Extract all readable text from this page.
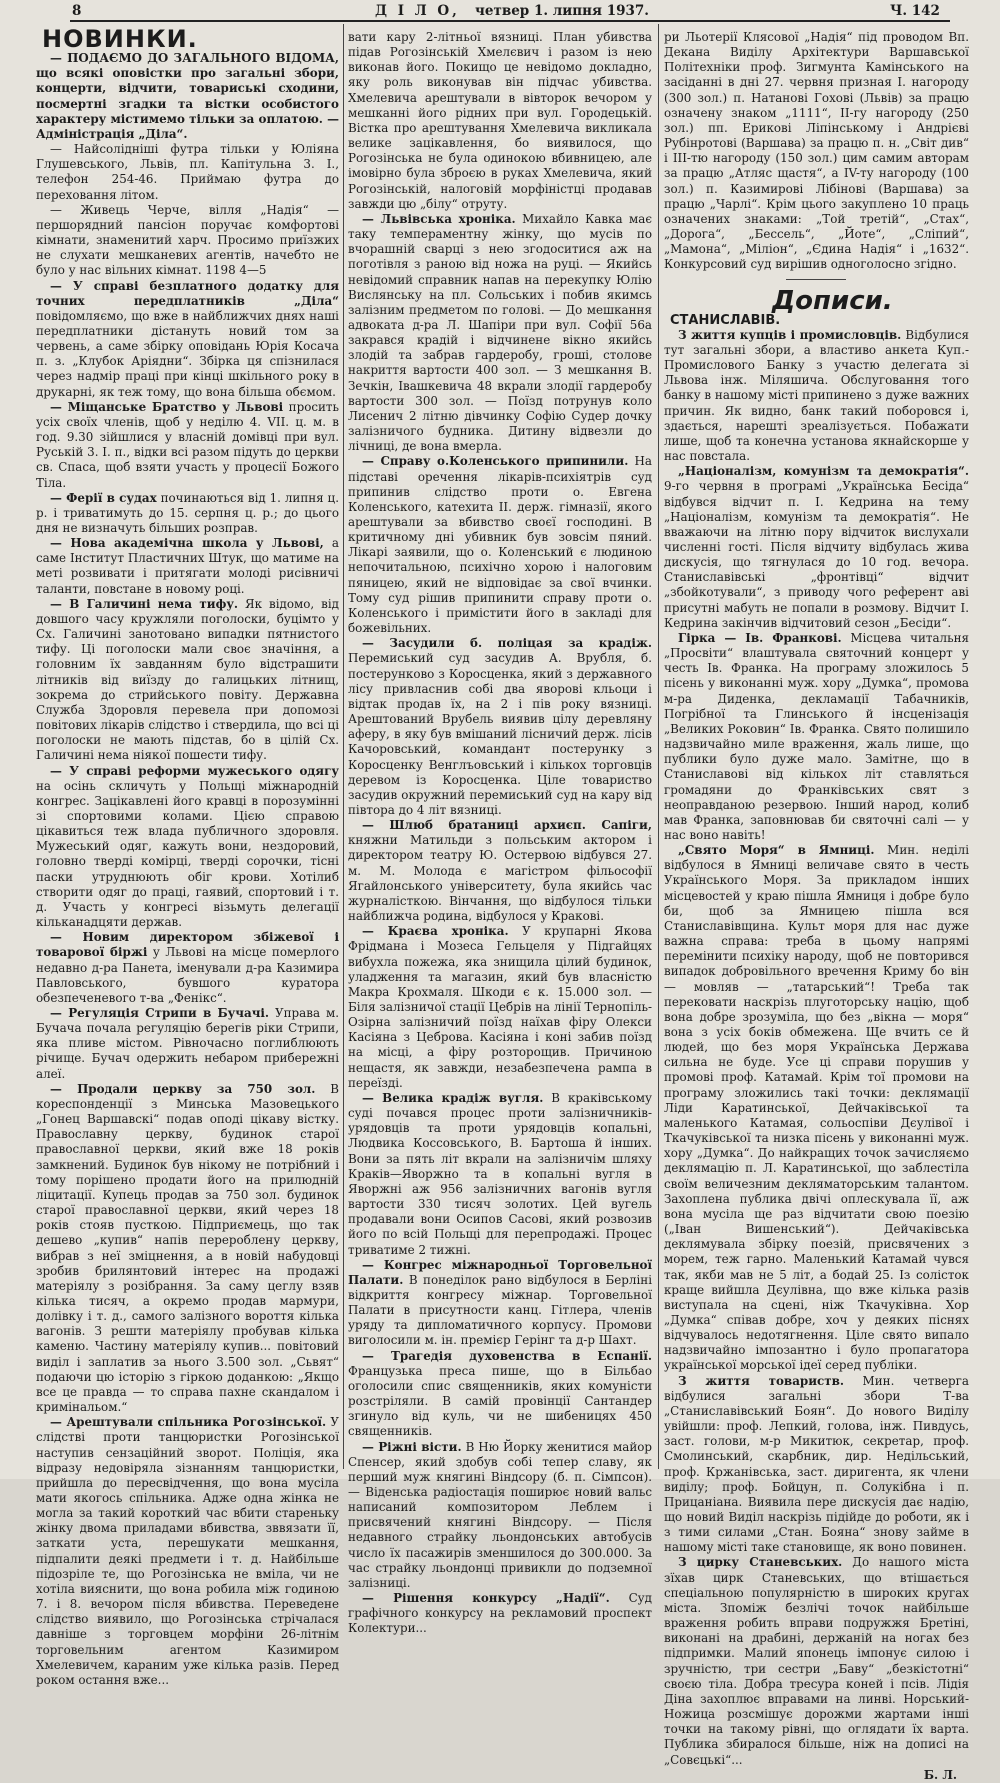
8	Д І Л О, четвер 1. липня 1937.	Ч. 142
НОВИНКИ.

— ПОДАЄМО ДО ЗАГАЛЬНОГО ВІДОМА, що всякі оповістки про загальні збори, концерти, відчити, товариські сходини, посмертні згадки та вістки особистого характеру містимемо тільки за оплатою. — Адміністрація „Діла“.

— Найсолідніші футра тільки у Юліяна Глушевського, Львів, пл. Капітульна 3. І., телефон 254-46. Приймаю футра до переховання літом.

— Живець Черче, вілля „Надія“ — першорядний пансіон поручає комфортові кімнати, знаменитий харч. Просимо приїзжих не слухати мешканевих агентів, начебто не було у нас вільних кімнат. 1198 4—5

— У справі безплатного додатку для точних передплатників „Діла“ повідомляємо, що вже в найближчих днях наші передплатники дістануть новий том за червень, а саме збірку оповідань Юрія Косача п. з. „Клубок Аріядни“. Збірка ця спізнилася через надмір праці при кінці шкільного року в друкарні, як теж тому, що вона більша обємом.

— Міщанське Братство у Львові просить усіх своїх членів, щоб у неділю 4. VII. ц. м. в год. 9.30 зійшлися у власній домівці при вул. Руській 3. І. п., відки всі разом підуть до церкви св. Спаса, щоб взяти участь у процесії Божого Тіла.

— Ферії в судах починаються від 1. липня ц. р. і триватимуть до 15. серпня ц. р.; до цього дня не визначуть більших розправ.

— Нова академічна школа у Львові, а саме Інститут Пластичних Штук, що матиме на меті розвивати і притягати молоді рисівничі таланти, повстане в новому році.

— В Галичині нема тифу. Як відомо, від довшого часу кружляли поголоски, буцімто у Сх. Галичині занотовано випадки пятнистого тифу. Ці поголоски мали своє значіння, а головним їх завданням було відстрашити літників від виїзду до галицьких літнищ, зокрема до стрийського повіту. Державна Служба Здоровля перевела при допомозі повітових лікарів слідство і ствердила, що всі ці поголоски не мають підстав, бо в цілій Сх. Галичині нема ніякої пошести тифу.

— У справі реформи мужеського одягу на осінь скличуть у Польщі міжнародній конгрес. Зацікавлені його кравці в порозумінні зі спортовими колами. Цією справою цікавиться теж влада публичного здоровля. Мужеський одяг, кажуть вони, нездоровий, головно тверді комірці, тверді сорочки, тісні паски утруднюють обіг крови. Хотілиб створити одяг до праці, гаявий, спортовий і т. д. Участь у конгресі візьмуть делегації кільканадцяти держав.

— Новим директором збіжевої і товарової біржі у Львові на місце померлого недавно д-ра Панета, іменували д-ра Казимира Павловського, бувшого куратора обезпеченевого т-ва „Фенікс“.

— Регуляція Стрипи в Бучачі. Управа м. Бучача почала регуляцію берегів ріки Стрипи, яка пливе містом. Рівночасно поглиблюють річище. Бучач одержить небаром прибережні алеї.

— Продали церкву за 750 зол. В кореспонденції з Минська Мазовецького „Гонец Варшавскі“ подав оподі цікаву вістку. Православну церкву, будинок старої православної церкви, який вже 18 років замкнений. Будинок був нікому не потрібний і тому порішено продати його на прилюдній ліцитації. Купець продав за 750 зол. будинок старої православної церкви, який через 18 років стояв пусткою. Підприємець, що так дешево „купив“ напів перероблену церкву, вибрав з неї зміцнення, а в новій набудовці зробив брилянтовий інтерес на продажі матеріялу з розібрання. За саму цеглу взяв кілька тисяч, а окремо продав мармури, долівку і т. д., самого залізного вороття кілька вагонів. З решти матеріялу пробував кілька каменю. Частину матеріялу купив... повітовий виділ і заплатив за нього 3.500 зол. „Сьвят“ подаючи цю історію з гіркою доданкою: „Якщо все це правда — то справа пахне скандалом і кримінальом.“

— Арештували спільника Рогозінської. У слідстві проти танцюристки Рогозінської наступив сензаційний зворот. Поліція, яка відразу недовіряла зізнанням танцюристки, прийшла до пересвідчення, що вона мусіла мати якогось спільника. Адже одна жінка не могла за такий короткий час вбити стареньку жінку двома приладами вбивства, зввязати її, заткати уста, перешукати мешкання, підпалити деякі предмети і т. д. Найбільше підозріле те, що Рогозінська не вміла, чи не хотіла вияснити, що вона робила між годиною 7. і 8. вечором після вбивства. Переведене слідство виявило, що Рогозінська стрічалася давніше з торговцем морфіни 26-літнім торговельним агентом Казимиром Хмелевичем, караним уже кілька разів. Перед роком остання вже...

вати кару 2-літньої вязниці. План убивства підав Рогозінській Хмелєвич і разом із нею виконав його. Покищо це невідомо докладно, яку роль виконував він підчас убивства. Хмелевича арештували в вівторок вечором у мешканні його рідних при вул. Городецькій. Вістка про арештування Хмелевича викликала велике зацікавлення, бо виявилося, що Рогозінська не була одинокою вбивницею, але імовірно була зброєю в руках Хмелевича, який Рогозінській, налоговій морфіністці продавав завжди цю „білу“ отруту.

— Львівська хроніка. Михайло Кавка має таку темпераментну жінку, що мусів по вчорашній сварці з нею згодоситися аж на поготівля з раною від ножа на руці. — Якийсь невідомий справник напав на перекупку Юлію Вислянську на пл. Сольських і побив якимсь залізним предметом по голові. — До мешкання адвоката д-ра Л. Шапіри при вул. Софії 56а закрався крадій і відчинене вікно якийсь злодій та забрав гардеробу, гроші, столове накриття вартости 400 зол. — З мешкання В. Зечкін, Івашкевича 48 вкрали злодії гардеробу вартости 300 зол. — Поїзд потрунув коло Лисенич 2 літню дівчинку Софію Судер дочку залізничого будника. Дитину відвезли до лічниці, де вона вмерла.

— Справу о.Коленського припинили. На підставі оречення лікарів-психіятрів суд припинив слідство проти о. Евгена Коленського, катехита ІІ. держ. гімназії, якого арештували за вбивство своєї господині. В критичному дні убивник був зовсім пяний. Лікарі заявили, що о. Коленський є людиною непочитальною, психічно хорою і налоговим пяницею, який не відповідає за свої вчинки. Тому суд рішив припинити справу проти о. Коленського і примістити його в закладі для божевільних.

— Засудили б. поліцая за крадіж. Перемиський суд засудив А. Врубля, б. постерунково з Коросценка, який з державного лісу привласнив собі два яворові кльоци і відтак продав їх, на 2 і пів року вязниці. Арештований Врубель виявив цілу деревляну аферу, в яку був вмішаний лісничий держ. лісів Качоровський, командант постерунку з Коросценку Венглъовський і кількох торговців деревом із Коросценка. Ціле товариство засудив окружний перемиський суд на кару від півтора до 4 літ вязниці.

— Шлюб братаниці архиєп. Сапіги, княжни Матильди з польським актором і директором театру Ю. Остервою відбувся 27. м. М. Молода є магістром фільософії Ягайлонського університету, була якийсь час журналісткою. Вінчання, що відбулося тільки найближча родина, відбулося у Кракові.

— Краєва хроніка. У крупарні Якова Фрідмана і Мозеса Гельцеля у Підгайцях вибухла пожежа, яка знищила цілий будинок, уладження та магазин, який був власністю Макра Крохмаля. Шкоди є к. 15.000 зол. — Біля залізничої стації Цебрів на лінії Тернопіль-Озірна залізничий поїзд наїхав фіру Олекси Касіяна з Цеброва. Касіяна і коні забив поїзд на місці, а фіру розторощив. Причиною нещастя, як завжди, незабезпечена рампа в переїзді.

— Велика крадіж вугля. В краківському суді почався процес проти залізничників-урядовців та проти урядовців копальні, Людвика Коссовського, В. Бартоша й інших. Вони за пять літ вкрали на залізничім шляху Краків—Яворжно та в копальні вугля в Яворжні аж 956 залізничних вагонів вугля вартости 330 тисяч золотих. Цей вугель продавали вони Осипов Сасові, який розвозив його по всій Польщі для перепродажі. Процес триватиме 2 тижні.

— Конгрес міжнародньої Торговельної Палати. В понеділок рано відбулося в Берліні відкриття конгресу міжнар. Торговельної Палати в присутности канц. Гітлера, членів уряду та дипломатичного корпусу. Промови виголосили м. ін. премієр Герінг та д-р Шахт.

— Трагедія духовенства в Еспанії. Французька преса пише, що в Більбао оголосили спис священників, яких комуністи розстріляли. В самій провінції Сантандер згинуло від куль, чи не шибеницях 450 священників.

— Ріжні вісти. В Ню Йорку женитися майор Спенсер, який здобув собі тепер славу, як перший муж княгині Віндсору (б. п. Сімпсон). — Віденська радіостація поширює новий вальс написаний композитором Леблем і присвячений княгині Віндсору. — Після недавного страйку льондонських автобусів число їх пасажирів зменшилося до 300.000. За час страйку льондонці привикли до подземної залізниці.

— Рішення конкурсу „Надії“. Суд графічного конкурсу на рекламовий проспект Колектури...

ри Льотерії Клясової „Надія“ під проводом Вп. Декана Виділу Архітектури Варшавської Політехніки проф. Зигмунта Камінського на засіданні в дні 27. червня призная І. нагороду (300 зол.) п. Натанові Гохові (Львів) за працю означену знаком „1111“, ІІ-гу нагороду (250 зол.) пп. Ерикові Ліпінському і Андрієві Рубінротові (Варшава) за працю п. н. „Світ див“ і ІІІ-тю нагороду (150 зол.) цим самим авторам за працю „Атляс щастя“, а IV-ту нагороду (100 зол.) п. Казимирові Лібінові (Варшава) за працю „Чарлі“. Крім цього закуплено 10 праць означених знаками: „Той третій“, „Стах“, „Дорога“, „Бессель“, „Йоте“, „Сліпий“, „Мамона“, „Міліон“, „Єдина Надія“ і „1632“. Конкурсовий суд вирішив одноголосно згідно.

Дописи.СТАНИСЛАВІВ.

З життя купців і промисловців. Відбулися тут загальні збори, а властиво анкета Куп.-Промислового Банку з участю делегата зі Львова інж. Міляшича. Обслуговання того банку в нашому місті припинено з дуже важних причин. Як видно, банк такий поборовся і, здається, нарешті зреалізується. Побажати лише, щоб та конечна установа якнайскорше у нас повстала.

„Націоналізм, комунізм та демократія“. 9-го червня в програмі „Українська Бесіда“ відбувся відчит п. І. Кедрина на тему „Націоналізм, комунізм та демократія“. Не вважаючи на літню пору відчиток вислухали численні гості. Після відчиту відбулась жива дискусія, що тягнулася до 10 год. вечора. Станиславівські „фронтівці“ відчит „збойкотували“, з приводу чого референт аві присутні мабуть не попали в розмову. Відчит І. Кедрина закінчив відчитовий сезон „Бесіди“.

Гірка — Ів. Франкові. Місцева читальня „Просвіти“ влаштувала святочний концерт у честь Ів. Франка. На програму зложилось 5 пісень у виконанні муж. хору „Думка“, промова м-ра Диденка, декламації Табачників, Погрібної та Глинського й інсценізація „Великих Роковин“ Ів. Франка. Свято полишило надзвичайно миле враження, жаль лише, що публики було дуже мало. Замітне, що в Станиславові від кількох літ ставляться громадяни до Франківських свят з неоправданою резервою. Інший народ, колиб мав Франка, заповнював би святочні салі — у нас воно навіть!

„Свято Моря“ в Ямниці. Мин. неділі відбулося в Ямниці величаве свято в честь Українського Моря. За прикладом інших місцевостей у краю пішла Ямниця і добре було би, щоб за Ямницею пішла вся Станиславівщина. Культ моря для нас дуже важна справа: треба в цьому напрямі перемінити психіку народу, щоб не повторився випадок добровільного вречення Криму бо він — мовляв — „татарський“! Треба так перековати наскрізь плуготорську націю, щоб вона добре зрозуміла, що без „вікна — моря“ вона з усіх боків обмежена. Ще вчить се й людей, що без моря Українська Держава сильна не буде. Усе ці справи порушив у промові проф. Катамай. Крім тої промови на програму зложились такі точки: деклямації Ліди Каратинської, Дейчаківської та маленького Катамая, сольоспіви Дєулівої і Ткачуківської та низка пісень у виконанні муж. хору „Думка“. До найкращих точок зачисляємо деклямацію п. Л. Каратинської, що заблестіла своїм величезним декляматорським талантом. Захоплена публика двічі оплескувала її, аж вона мусіла ще раз відчитати свою поезію („Іван Вишенський“). Дейчаківська деклямувала збірку поезій, присвячених з морем, теж гарно. Маленький Катамай чувся так, якби мав не 5 літ, а бодай 25. Із солісток краще вийшла Дєулівна, що вже кілька разів виступала на сцені, ніж Ткачуківна. Хор „Думка“ співав добре, хоч у деяких піснях відчувалось недотягнення. Ціле свято випало надзвичайно імпозантно і було пропагатора української морської ідеї серед публіки.

З життя товариств. Мин. четверга відбулися загальні збори Т-ва „Станиславівський Боян“. До нового Виділу увійшли: проф. Лепкий, голова, інж. Пивдусь, заст. голови, м-р Микитюк, секретар, проф. Смолинський, скарбник, дир. Недільський, проф. Кржанівська, заст. диригента, як члени виділу; проф. Бойцун, п. Солукібна і п. Прицаніана. Виявила пере дискусія дає надію, що новий Виділ наскрізь підійде до роботи, як і з тими силами „Стан. Бояна“ знову займе в нашому місті таке становище, як воно повинен.

З цирку Станевських. До нашого міста зїхав цирк Станевських, що втішається спеціальною популярністю в широких кругах міста. Зпоміж безлічі точок найбільше враження робить вправи подружжя Бретіні, виконані на драбині, держаній на ногах без підпримки. Малий японець імпонує силою і зручністю, три сестри „Баву“ „безкістотні“ своєю тіла. Добра тресура коней і псів. Лідія Діна захоплює вправами на линві. Норський-Ножица розсмішує дорожми жартами інші точки на такому рівні, що оглядати їх варта. Публика збиралося більше, ніж на дописі на „Совєцькі“...

Б. Л.
